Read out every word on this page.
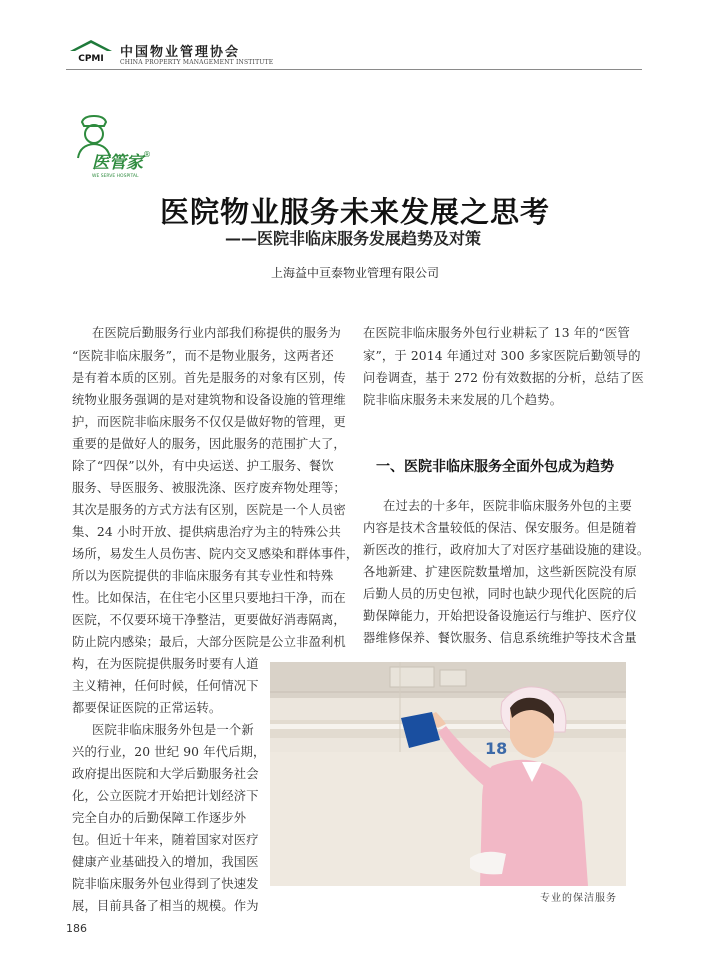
CPMI 中国物业管理协会
CHINA PROPERTY MANAGEMENT INSTITUTE
医管家 ®
WE SERVE HOSPITAL
医院物业服务未来发展之思考
——医院非临床服务发展趋势及对策
上海益中亘泰物业管理有限公司
在医院后勤服务行业内部我们称提供的服务为
“医院非临床服务”，而不是物业服务，这两者还
是有着本质的区别。首先是服务的对象有区别，传
统物业服务强调的是对建筑物和设备设施的管理维
护，而医院非临床服务不仅仅是做好物的管理，更
重要的是做好人的服务，因此服务的范围扩大了，
除了“四保”以外，有中央运送、护工服务、餐饮
服务、导医服务、被服洗涤、医疗废弃物处理等；
其次是服务的方式方法有区别，医院是一个人员密
集、24 小时开放、提供病患治疗为主的特殊公共
场所，易发生人员伤害、院内交叉感染和群体事件，
所以为医院提供的非临床服务有其专业性和特殊
性。比如保洁，在住宅小区里只要地扫干净，而在
医院，不仅要环境干净整洁，更要做好消毒隔离，
防止院内感染；最后，大部分医院是公立非盈利机
构，在为医院提供服务时要有人道
主义精神，任何时候，任何情况下
都要保证医院的正常运转。
医院非临床服务外包是一个新
兴的行业，20 世纪 90 年代后期，
政府提出医院和大学后勤服务社会
化，公立医院才开始把计划经济下
完全自办的后勤保障工作逐步外
包。但近十年来，随着国家对医疗
健康产业基础投入的增加，我国医
院非临床服务外包业得到了快速发
展，目前具备了相当的规模。作为
在医院非临床服务外包行业耕耘了 13 年的“医管
家”，于 2014 年通过对 300 多家医院后勤领导的
问卷调查，基于 272 份有效数据的分析，总结了医
院非临床服务未来发展的几个趋势。
一、医院非临床服务全面外包成为趋势
在过去的十多年，医院非临床服务外包的主要
内容是技术含量较低的保洁、保安服务。但是随着
新医改的推行，政府加大了对医疗基础设施的建设。
各地新建、扩建医院数量增加，这些新医院没有原
后勤人员的历史包袱，同时也缺少现代化医院的后
勤保障能力，开始把设备设施运行与维护、医疗仪
器维修保养、餐饮服务、信息系统维护等技术含量
18
专业的保洁服务
186
